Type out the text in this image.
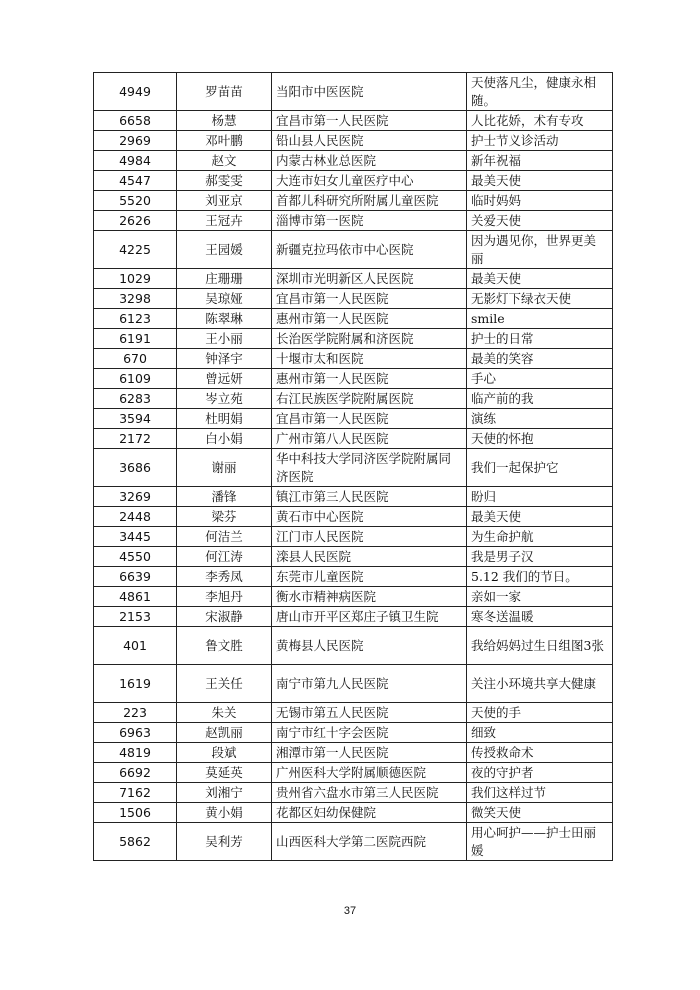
4949	罗苗苗	当阳市中医医院	天使落凡尘，健康永相随。
6658	杨慧	宜昌市第一人民医院	人比花娇，术有专攻
2969	邓叶鹏	铅山县人民医院	护士节义诊活动
4984	赵文	内蒙古林业总医院	新年祝福
4547	郝雯雯	大连市妇女儿童医疗中心	最美天使
5520	刘亚京	首都儿科研究所附属儿童医院	临时妈妈
2626	王冠卉	淄博市第一医院	关爱天使
4225	王园媛	新疆克拉玛依市中心医院	因为遇见你，世界更美丽
1029	庄珊珊	深圳市光明新区人民医院	最美天使
3298	吴琼娅	宜昌市第一人民医院	无影灯下绿衣天使
6123	陈翠琳	惠州市第一人民医院	smile
6191	王小丽	长治医学院附属和济医院	护士的日常
670	钟泽宇	十堰市太和医院	最美的笑容
6109	曾远妍	惠州市第一人民医院	手心
6283	岑立苑	右江民族医学院附属医院	临产前的我
3594	杜明娟	宜昌市第一人民医院	演练
2172	白小娟	广州市第八人民医院	天使的怀抱
3686	谢丽	华中科技大学同济医学院附属同济医院	我们一起保护它
3269	潘锋	镇江市第三人民医院	盼归
2448	梁芬	黄石市中心医院	最美天使
3445	何洁兰	江门市人民医院	为生命护航
4550	何江涛	滦县人民医院	我是男子汉
6639	李秀凤	东莞市儿童医院	5.12 我们的节日。
4861	李旭丹	衡水市精神病医院	亲如一家
2153	宋淑静	唐山市开平区郑庄子镇卫生院	寒冬送温暖
401	鲁文胜	黄梅县人民医院	我给妈妈过生日组图3张
1619	王关任	南宁市第九人民医院	关注小环境共享大健康
223	朱关	无锡市第五人民医院	天使的手
6963	赵凯丽	南宁市红十字会医院	细致
4819	段斌	湘潭市第一人民医院	传授救命术
6692	莫延英	广州医科大学附属顺德医院	夜的守护者
7162	刘湘宁	贵州省六盘水市第三人民医院	我们这样过节
1506	黄小娟	花都区妇幼保健院	微笑天使
5862	吴利芳	山西医科大学第二医院西院	用心呵护——护士田丽媛
37
